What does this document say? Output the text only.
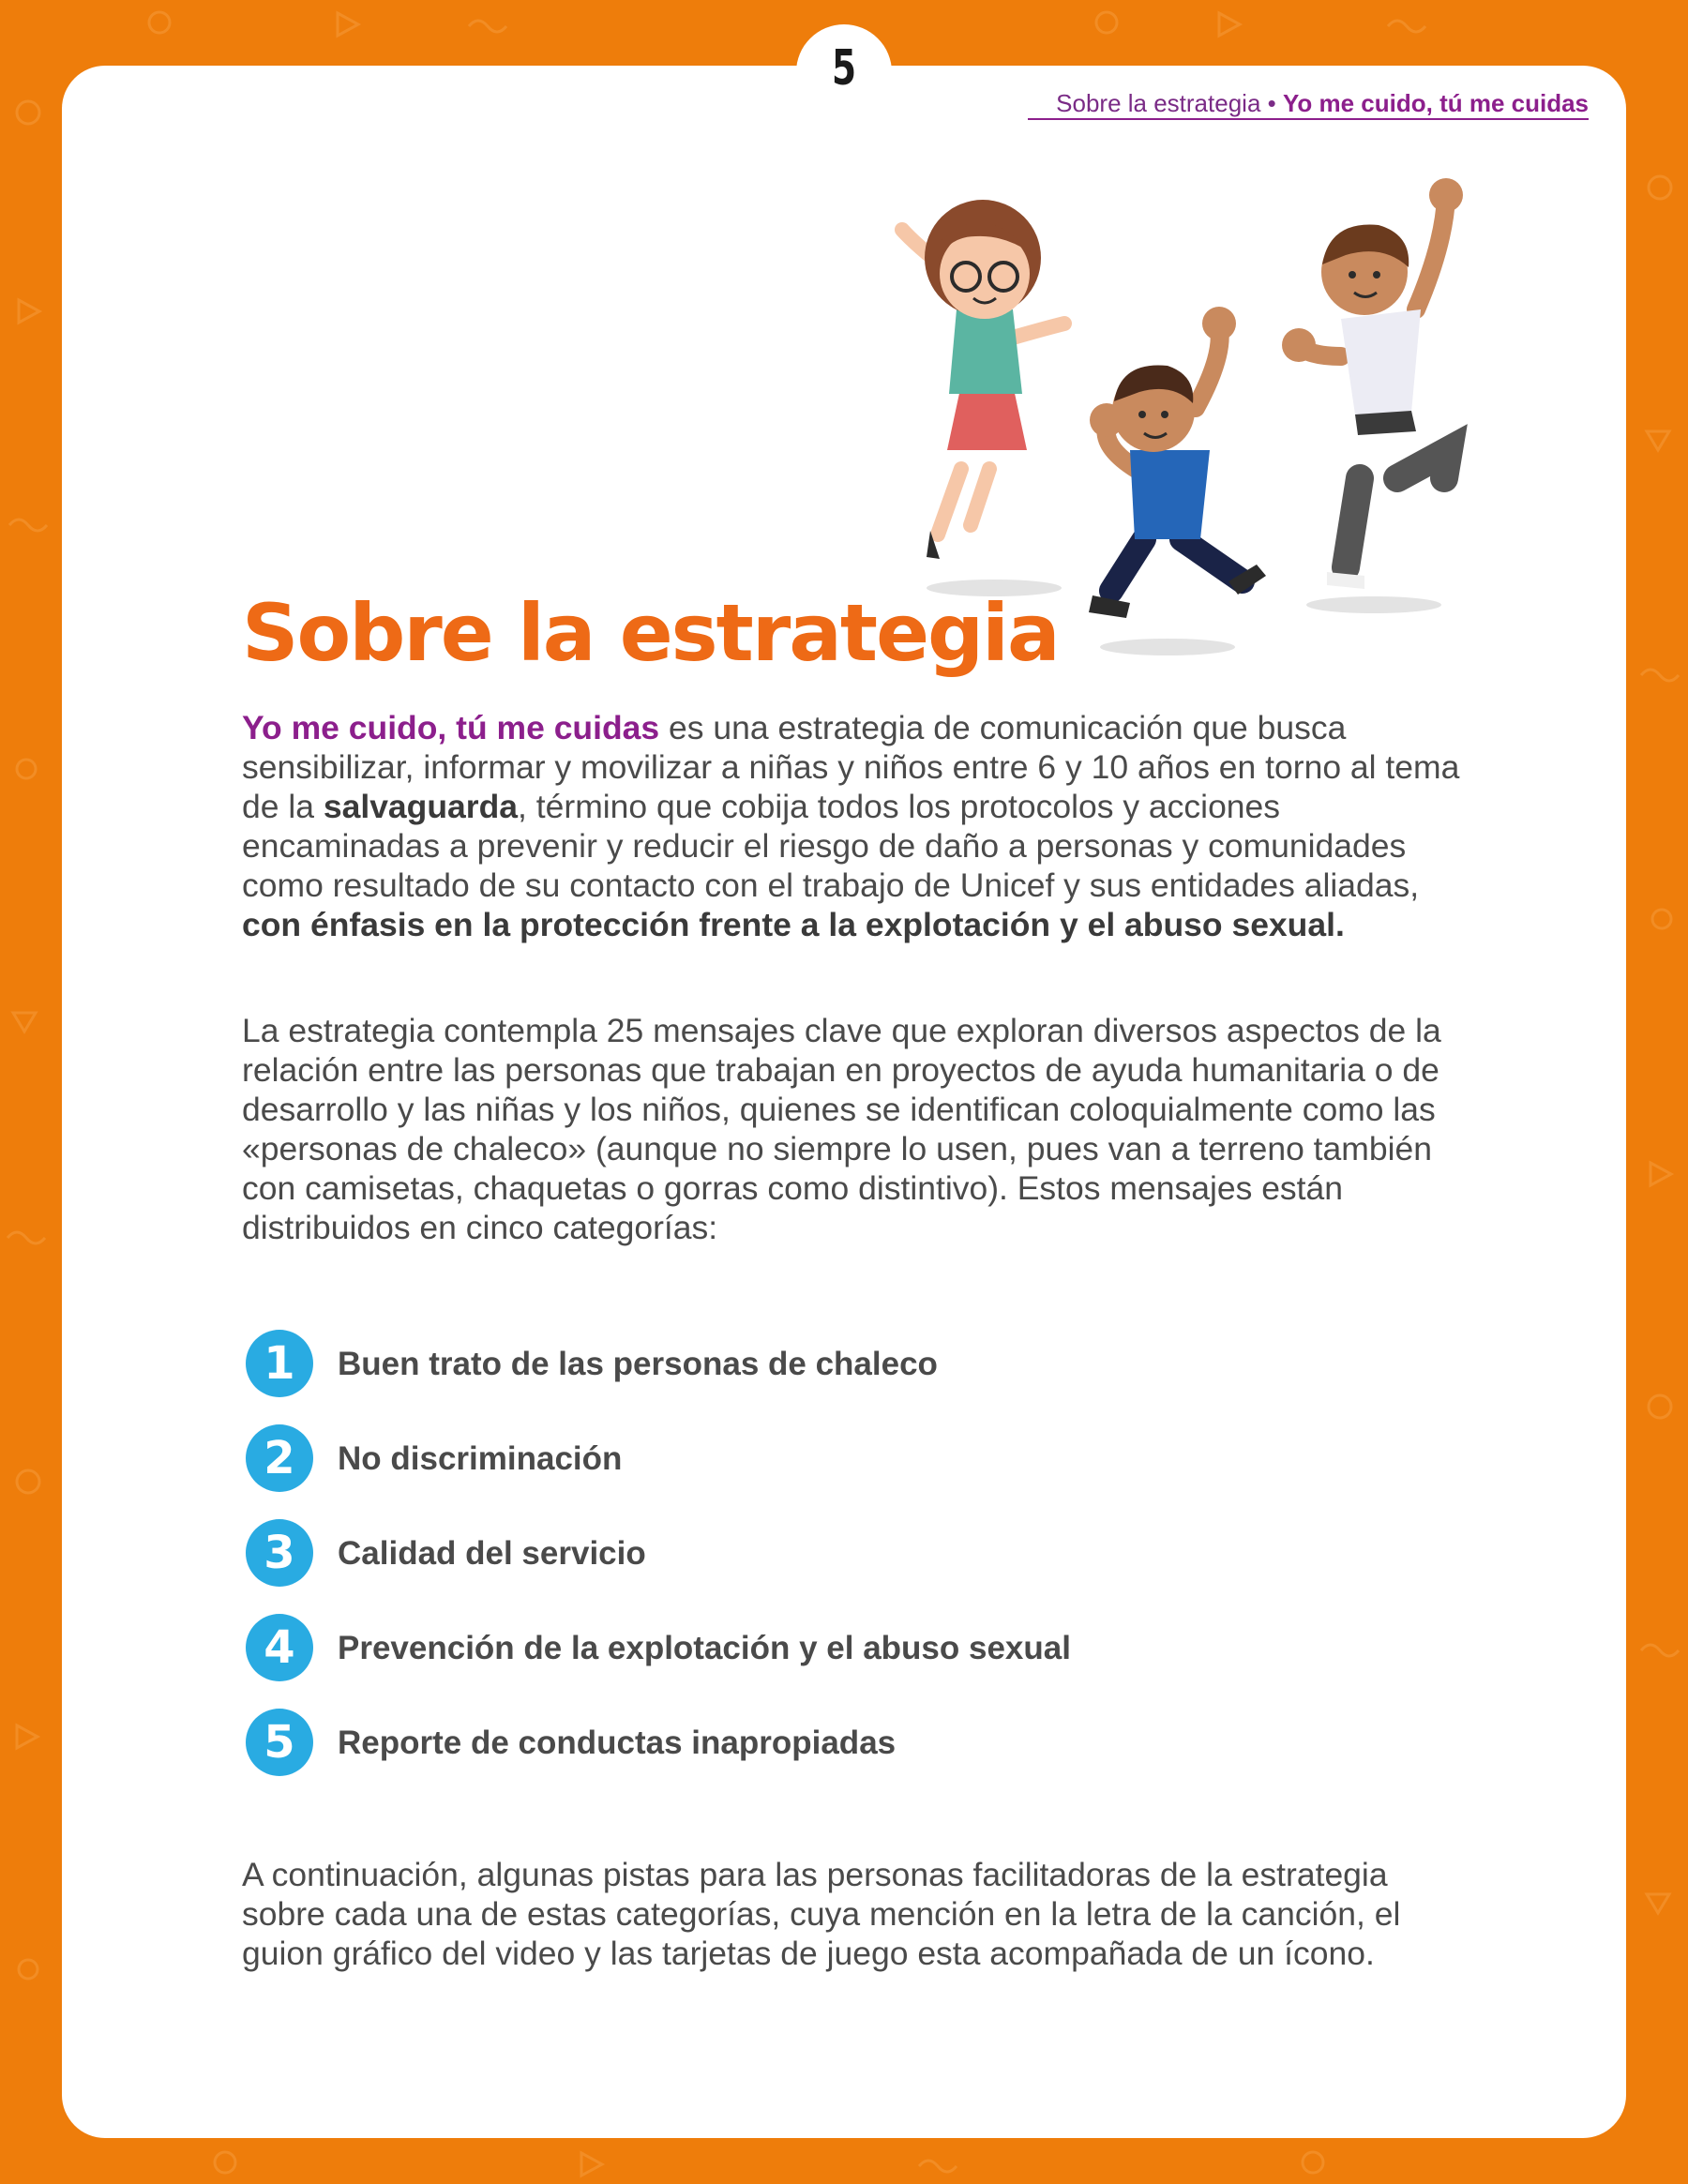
5
Sobre la estrategia • Yo me cuido, tú me cuidas
Sobre la estrategia

Yo me cuido, tú me cuidas es una estrategia de comunicación que busca sensibilizar, informar y movilizar a niñas y niños entre 6 y 10 años en torno al tema de la salvaguarda, término que cobija todos los protocolos y acciones encaminadas a prevenir y reducir el riesgo de daño a personas y comunidades como resultado de su contacto con el trabajo de Unicef y sus entidades aliadas, con énfasis en la protección frente a la explotación y el abuso sexual.

La estrategia contempla 25 mensajes clave que exploran diversos aspectos de la relación entre las personas que trabajan en proyectos de ayuda humanitaria o de desarrollo y las niñas y los niños, quienes se identifican coloquialmente como las «personas de chaleco» (aunque no siempre lo usen, pues van a terreno también con camisetas, chaquetas o gorras como distintivo). Estos mensajes están distribuidos en cinco categorías:

1	Buen trato de las personas de chaleco
2	No discriminación
3	Calidad del servicio
4	Prevención de la explotación y el abuso sexual
5	Reporte de conductas inapropiadas

A continuación, algunas pistas para las personas facilitadoras de la estrategia sobre cada una de estas categorías, cuya mención en la letra de la canción, el guion gráfico del video y las tarjetas de juego esta acompañada de un ícono.
